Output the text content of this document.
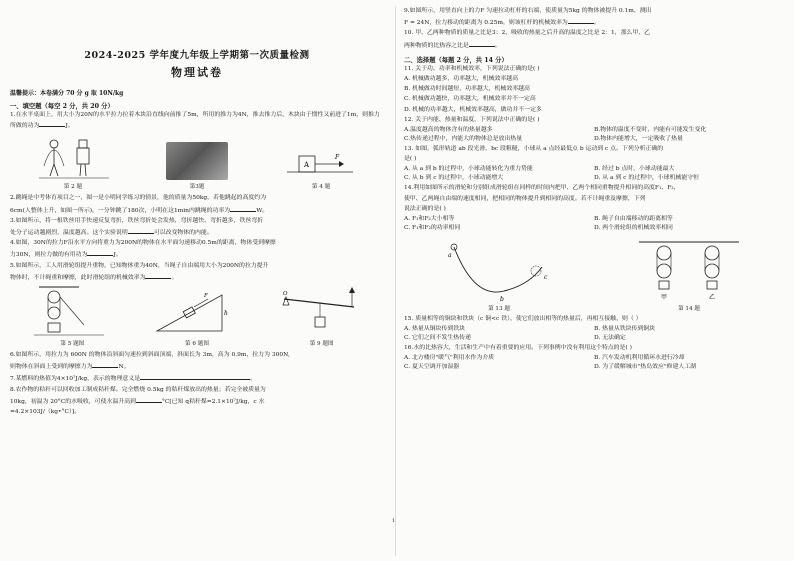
2024-2025 学年度九年级上学期第一次质量检测
物理试卷
温馨提示：本卷满分 70 分 g 取 10N/kg
一、填空题（每空 2 分，共 20 分）
1.在水平桌面上，用大小为20N的水平拉力拉着木块沿直线向前推了5m，所用的推力为4N，推去推力后，木块由于惯性又前进了1m，则推力所做的功为	J。
A
F
第 2 题	第3题	第 4 题
2.跳绳是中考体育项目之一，图一是小明同学练习的情景，他的质量为50kg，若他跳起的高度约为
6cm(人整体上升，如图一所示)，一分钟跳了180次，小明在这1min内跳绳的功率为	W。
3.如图所示，将一根铁丝用手快速反复弯折，铁丝弯折处会发热，弯折越快、弯折越多，铁丝弯折
处分子运动越剧烈，温度越高。这个实验说明	可以改变物体的内能。
4.如图，30N的拉力F沿水平方向将重力为200N的物体在水平面匀速移动0.5m的距离，物体受到摩擦
力30N，则拉力做的有用功为	J。
5.如图所示，工人用滑轮组提升重物，已知物体重为40N，当绳子自由端用大小为200N的拉力提升
物体时，不计绳重和摩擦，此时滑轮组的机械效率为	。
h
F	O
第 5 题图	第 6 题图	第 9 题图
6.如图所示，用拉力为 600N 的物体沿斜面匀速拉到斜面顶端，斜面长为 3m，高为 0.9m，拉力为 300N,
则物体在斜面上受到的摩擦力为	N。
7.某燃料的热值为4×10⁷J/kg，表示的物理意义是	。
8.农作物的秸秆可以回收加工制成秸秆煤。完全燃烧 0.5kg 的秸秆煤放出的热量；若完全被质量为
10kg，初温为 20°C的水吸收，可使水温升高到	°C[已知 q秸秆煤=2.1×10⁷J/kg，c 水
=4.2×103J/（kg•°C）]。
9.如图所示，用竖直向上的力F 匀速拉动杠杆的右端，使质量为5kg 的物体被提升 0.1m，测出
F = 24N，拉力移动的距离为 0.25m，则该杠杆的机械效率为	。
10. 甲、乙两种物质的质量之比是3：2，吸收的热量之后升高的温度之比是 2：1，那么甲、乙
两种物质的比热容之比是	。
二、选择题（每题 2 分，共 14 分）
11. 关于功、功率和机械效率，下列说法正确的是( )
A. 机械做功越多，功率越大，机械效率越高
B. 机械做功时间越短，功率越大，机械效率越高
C. 机械做功越快，功率越大，机械效率并不一定高
D. 机械的功率越大，机械效率越高，做功并不一定多
12. 关于内能、热量和温度，下列说法中正确的是( )
A.温度越高的物体含有的热量越多	B.物体的温度不变时，内能有可能发生变化
C.热传递过程中，内能大的物体总是放出热量	D.物体内能增大，一定吸收了热量
13. 如图，弧形轨道 ab 段光滑，bc 段粗糙，小球从 a 点经最低点 b 运动到 c 点。下列分析正确的
是( )
A. 从 a 到 b 的过程中，小球动能转化为重力势能	B. 经过 b 点时，小球动能最大
C. 从 b 到 c 的过程中，小球动能增大	D. 从 a 到 c 的过程中，小球机械能守恒
14.利用如图所示的滑轮和分别组成滑轮组在同样的时间内把甲、乙两个相同重物提升相同的高度F₁、F₂，
使甲、乙两绳自由端的速度相同，把相同的物体提升到相同的高度。若不计绳重及摩擦，下列
说法正确的是( )
A. F₁和F₂大小相等	B. 绳子自由端移动的距离相等
C. F₁和F₂的功率相同	D. 两个滑轮组的机械效率相同
a
b
c
甲	乙
第 13 题	第 14 题
15. 质量相等的铜块和铁块（c 铜<c 铁），使它们放出相等的热量后，再相互接触，则（ ）
A. 热量从铜块传到铁块	B. 热量从铁块传到铜块
C. 它们之间不发生热传递	D. 无法确定
16.水的比热容大，生活和生产中有着重要的应用。下列事例中没有利用这个特点的是( )
A. 北方楼房"暖气"利用水作为介质	B. 汽车发动机利用循环水进行冷却
C. 夏天空调开加湿器	D. 为了缓解城市"热岛效应"修建人工湖
1
